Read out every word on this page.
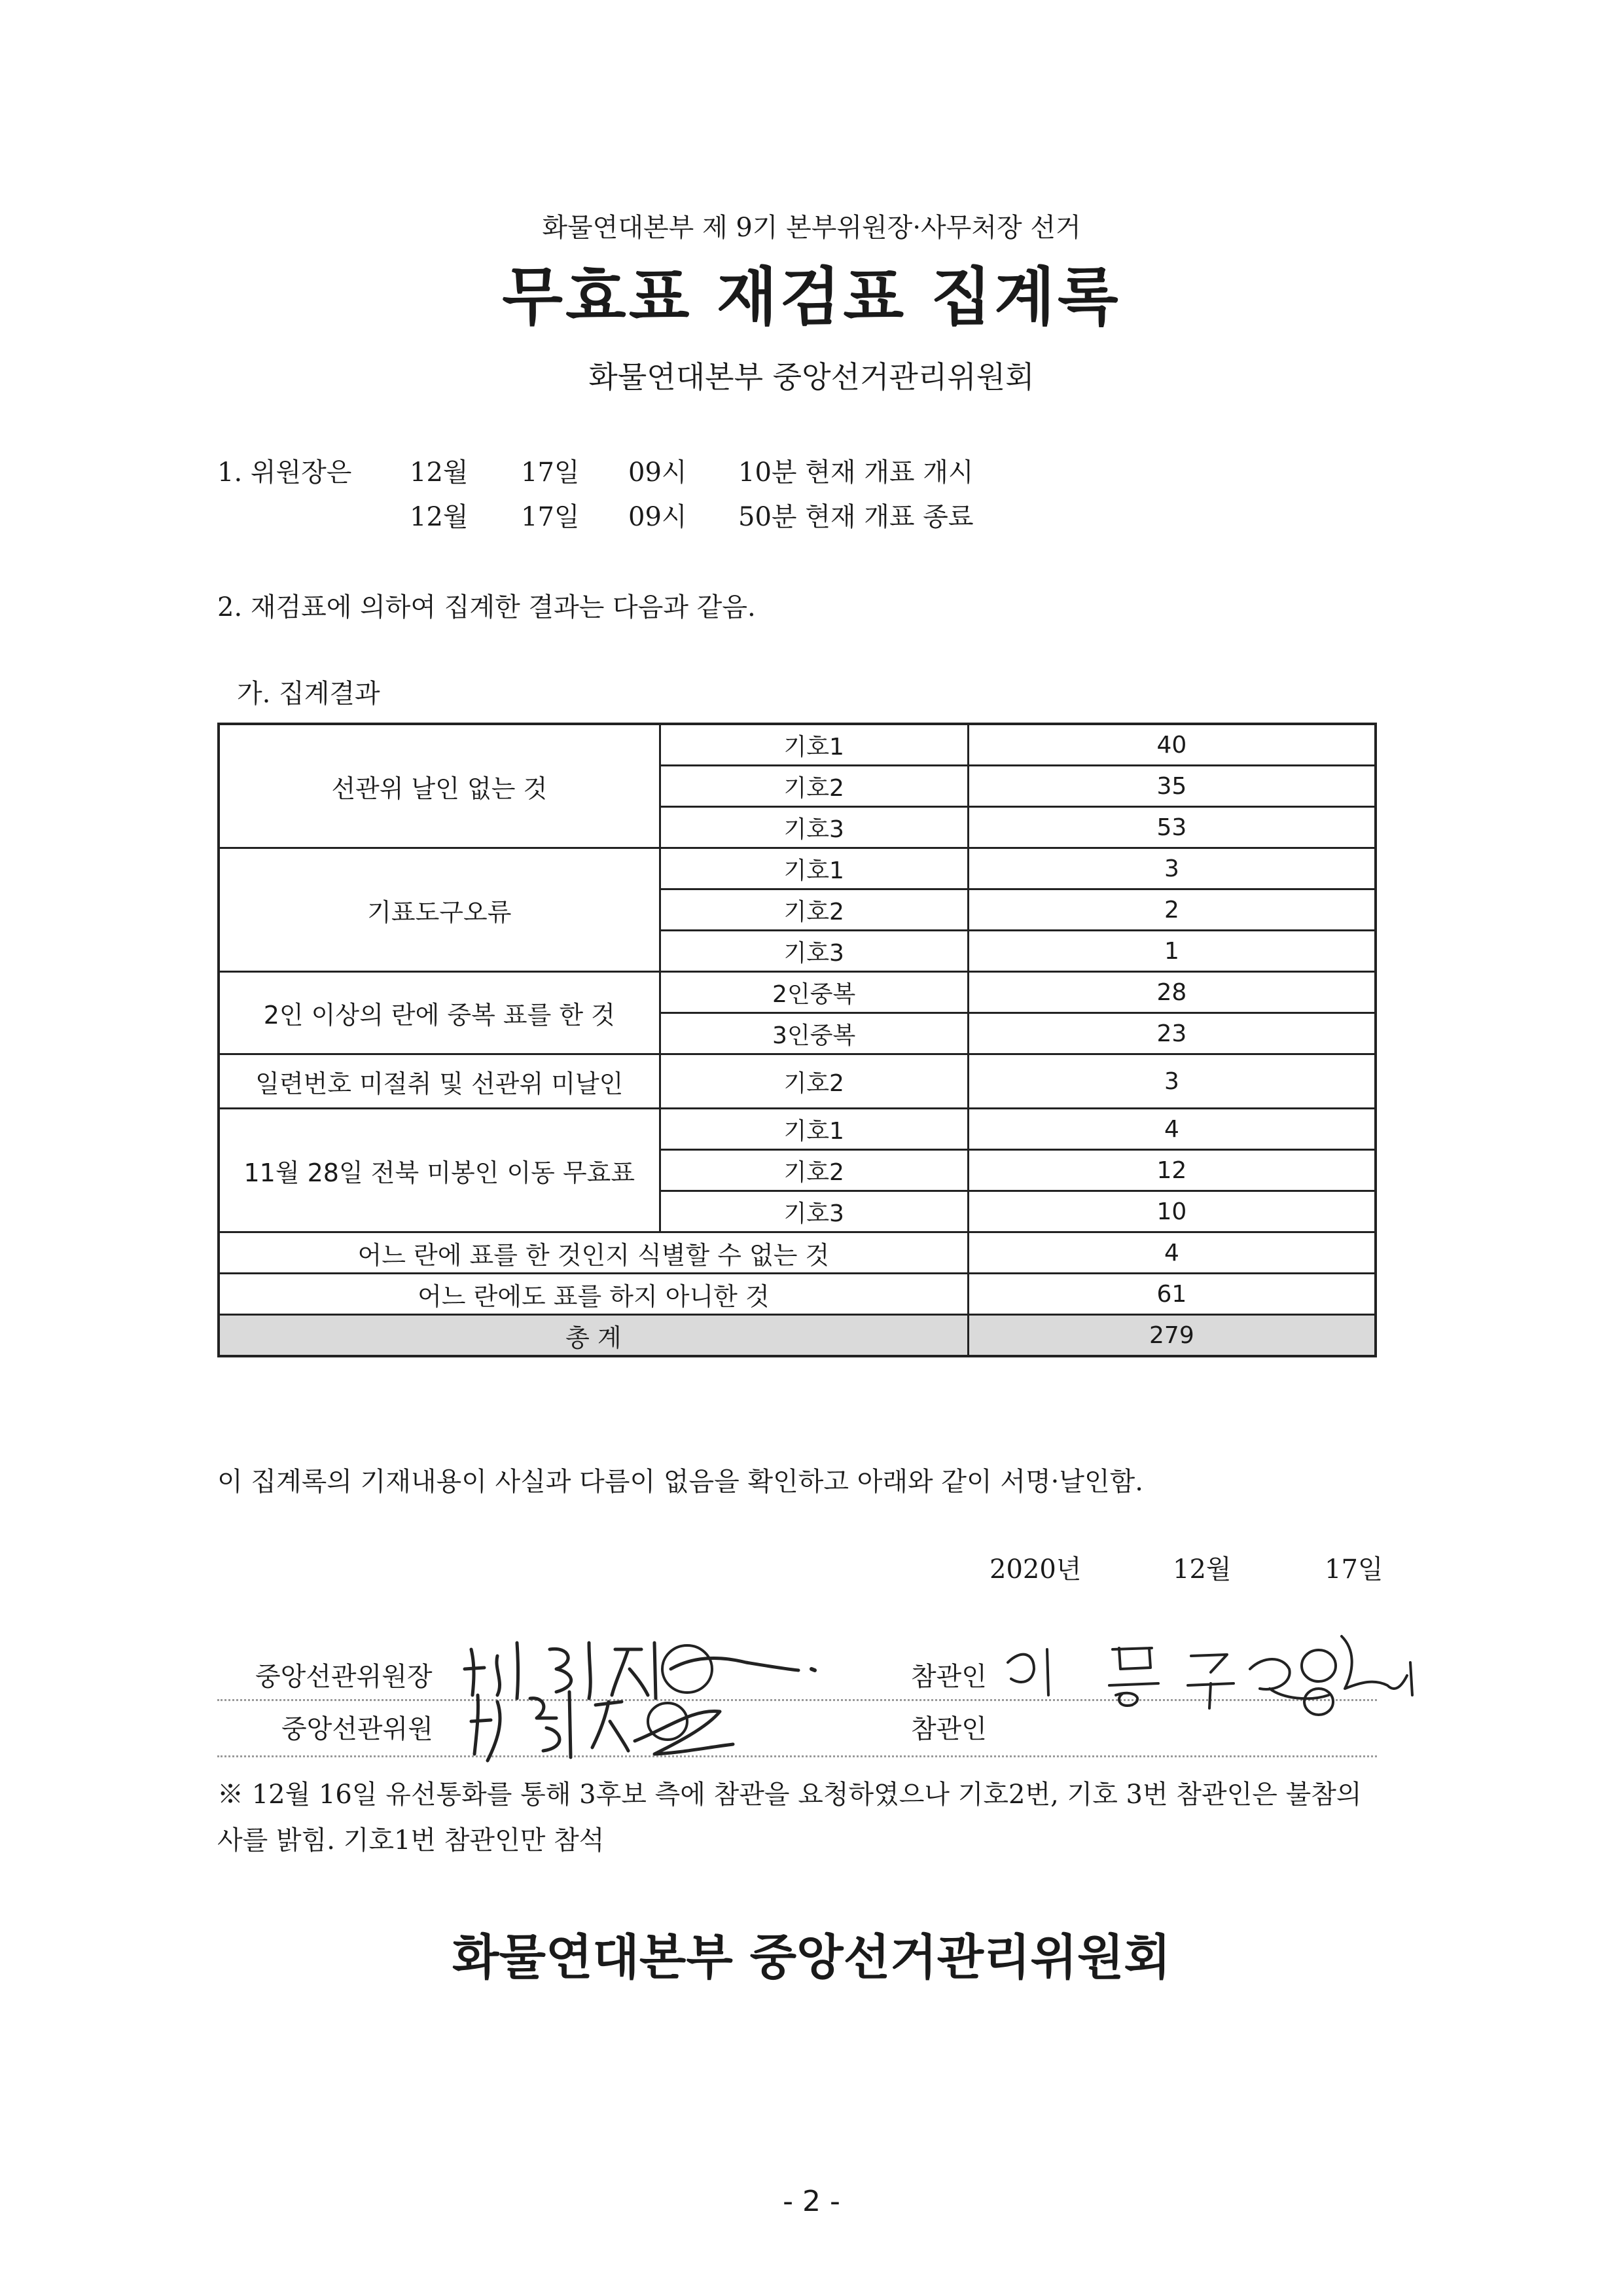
화물연대본부 제 9기 본부위원장·사무처장 선거
무효표 재검표 집계록
화물연대본부 중앙선거관리위원회
1. 위원장은 12월 17일 09시 10분 현재 개표 개시
12월 17일 09시 50분 현재 개표 종료
2. 재검표에 의하여 집계한 결과는 다음과 같음.
가. 집계결과
선관위 날인 없는 것	기호1	40
	기호2	35
	기호3	53
기표도구오류	기호1	3
	기호2	2
	기호3	1
2인 이상의 란에 중복 표를 한 것	2인중복	28
	3인중복	23
일련번호 미절취 및 선관위 미날인	기호2	3
11월 28일 전북 미봉인 이동 무효표	기호1	4
	기호2	12
	기호3	10
어느 란에 표를 한 것인지 식별할 수 없는 것		4
어느 란에도 표를 하지 아니한 것		61
총 계		279
이 집계록의 기재내용이 사실과 다름이 없음을 확인하고 아래와 같이 서명·날인함.
2020년	12월	17일
중앙선관위원장
중앙선관위원
참관인
참관인
※ 12월 16일 유선통화를 통해 3후보 측에 참관을 요청하였으나 기호2번, 기호 3번 참관인은 불참의
사를 밝힘. 기호1번 참관인만 참석
화물연대본부 중앙선거관리위원회
- 2 -
